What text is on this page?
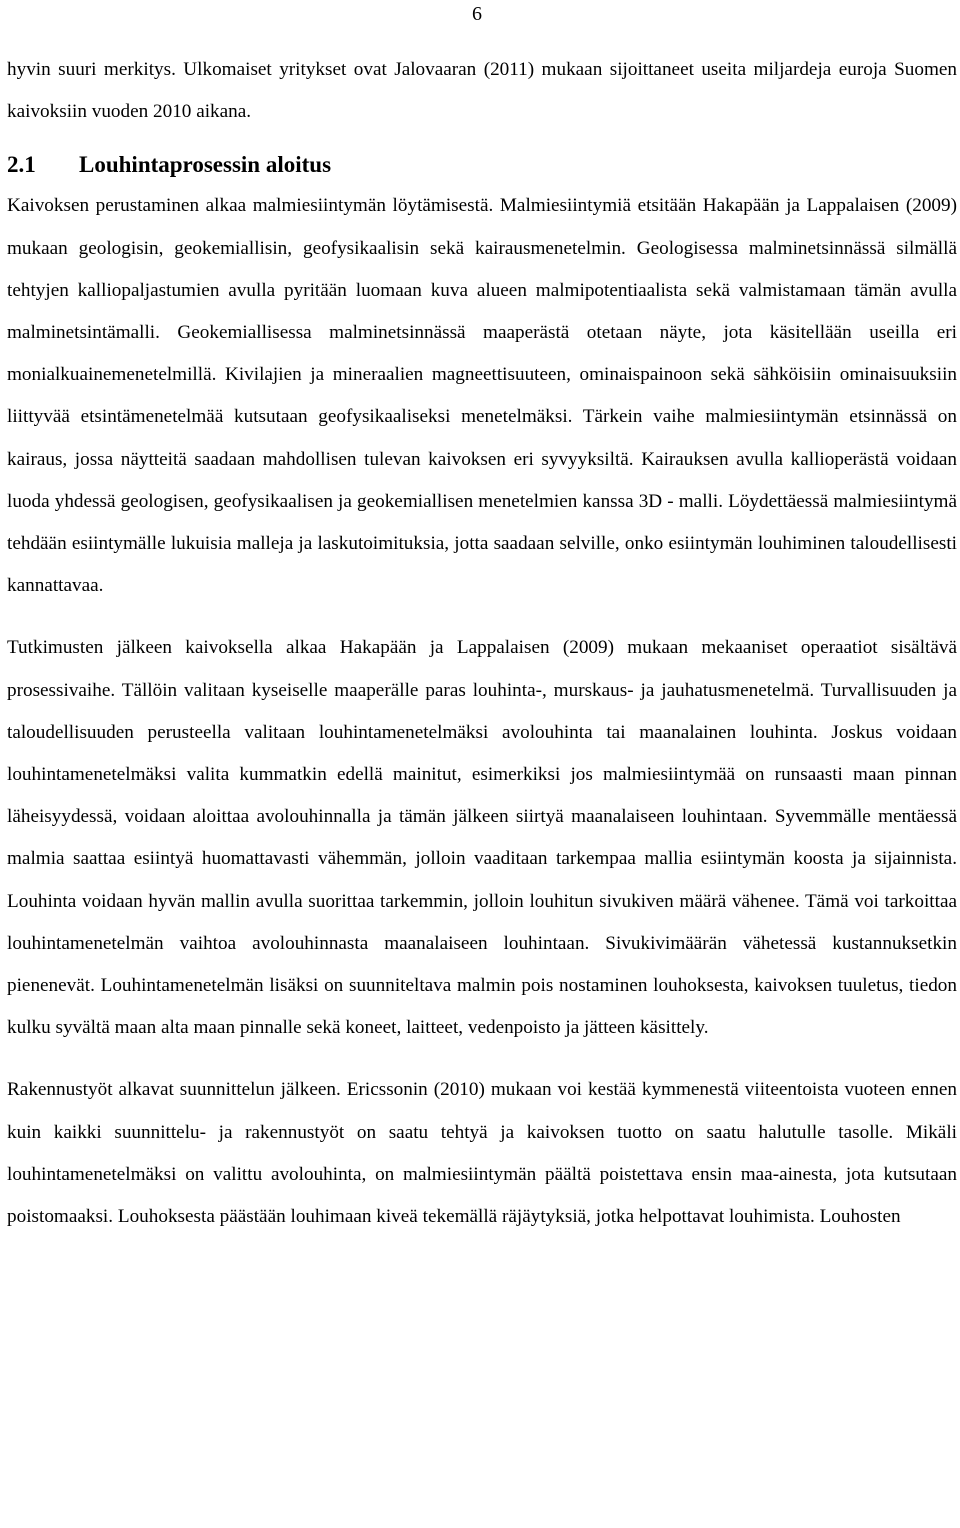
6

hyvin suuri merkitys. Ulkomaiset yritykset ovat Jalovaaran (2011) mukaan sijoittaneet useita miljardeja euroja Suomen kaivoksiin vuoden 2010 aikana.

2.1 Louhintaprosessin aloitus

Kaivoksen perustaminen alkaa malmiesiintymän löytämisestä. Malmiesiintymiä etsitään Hakapään ja Lappalaisen (2009) mukaan geologisin, geokemiallisin, geofysikaalisin sekä kairausmenetelmin. Geologisessa malminetsinnässä silmällä tehtyjen kalliopaljastumien avulla pyritään luomaan kuva alueen malmipotentiaalista sekä valmistamaan tämän avulla malminetsintämalli. Geokemiallisessa malminetsinnässä maaperästä otetaan näyte, jota käsitellään useilla eri monialkuainemenetelmillä. Kivilajien ja mineraalien magneettisuuteen, ominaispainoon sekä sähköisiin ominaisuuksiin liittyvää etsintämenetelmää kutsutaan geofysikaaliseksi menetelmäksi. Tärkein vaihe malmiesiintymän etsinnässä on kairaus, jossa näytteitä saadaan mahdollisen tulevan kaivoksen eri syvyyksiltä. Kairauksen avulla kallioperästä voidaan luoda yhdessä geologisen, geofysikaalisen ja geokemiallisen menetelmien kanssa 3D - malli. Löydettäessä malmiesiintymä tehdään esiintymälle lukuisia malleja ja laskutoimituksia, jotta saadaan selville, onko esiintymän louhiminen taloudellisesti kannattavaa.

Tutkimusten jälkeen kaivoksella alkaa Hakapään ja Lappalaisen (2009) mukaan mekaaniset operaatiot sisältävä prosessivaihe. Tällöin valitaan kyseiselle maaperälle paras louhinta-, murskaus- ja jauhatusmenetelmä. Turvallisuuden ja taloudellisuuden perusteella valitaan louhintamenetelmäksi avolouhinta tai maanalainen louhinta. Joskus voidaan louhintamenetelmäksi valita kummatkin edellä mainitut, esimerkiksi jos malmiesiintymää on runsaasti maan pinnan läheisyydessä, voidaan aloittaa avolouhinnalla ja tämän jälkeen siirtyä maanalaiseen louhintaan. Syvemmälle mentäessä malmia saattaa esiintyä huomattavasti vähemmän, jolloin vaaditaan tarkempaa mallia esiintymän koosta ja sijainnista. Louhinta voidaan hyvän mallin avulla suorittaa tarkemmin, jolloin louhitun sivukiven määrä vähenee. Tämä voi tarkoittaa louhintamenetelmän vaihtoa avolouhinnasta maanalaiseen louhintaan. Sivukivimäärän vähetessä kustannuksetkin pienenevät. Louhintamenetelmän lisäksi on suunniteltava malmin pois nostaminen louhoksesta, kaivoksen tuuletus, tiedon kulku syvältä maan alta maan pinnalle sekä koneet, laitteet, vedenpoisto ja jätteen käsittely.

Rakennustyöt alkavat suunnittelun jälkeen. Ericssonin (2010) mukaan voi kestää kymmenestä viiteentoista vuoteen ennen kuin kaikki suunnittelu- ja rakennustyöt on saatu tehtyä ja kaivoksen tuotto on saatu halutulle tasolle. Mikäli louhintamenetelmäksi on valittu avolouhinta, on malmiesiintymän päältä poistettava ensin maa-ainesta, jota kutsutaan poistomaaksi. Louhoksesta päästään louhimaan kiveä tekemällä räjäytyksiä, jotka helpottavat louhimista. Louhosten
